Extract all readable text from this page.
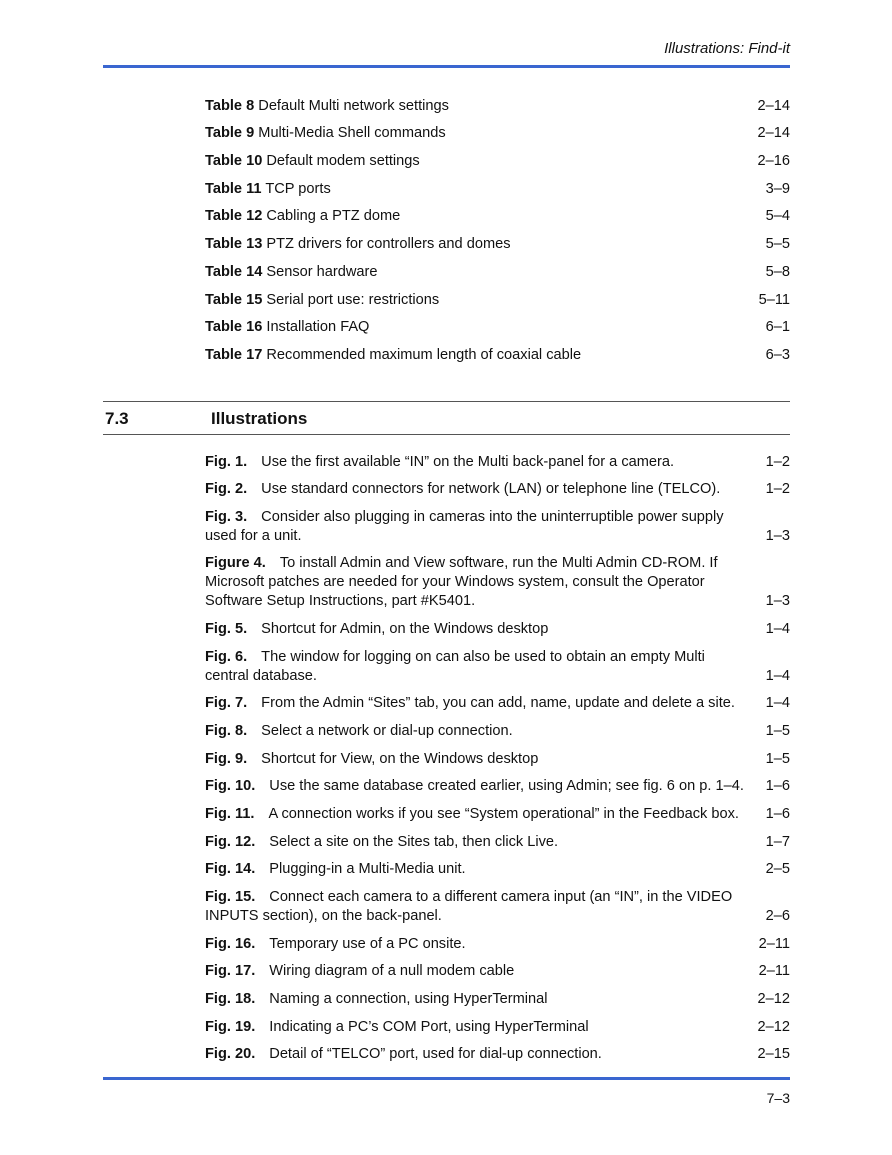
Illustrations: Find-it
Table 8 Default Multi network settings	2–14
Table 9 Multi-Media Shell commands	2–14
Table 10 Default modem settings	2–16
Table 11 TCP ports	3–9
Table 12 Cabling a PTZ dome	5–4
Table 13 PTZ drivers for controllers and domes	5–5
Table 14 Sensor hardware	5–8
Table 15 Serial port use: restrictions	5–11
Table 16 Installation FAQ	6–1
Table 17 Recommended maximum length of coaxial cable	6–3
7.3	Illustrations
Fig. 1. Use the first available “IN” on the Multi back-panel for a camera.	1–2
Fig. 2. Use standard connectors for network (LAN) or telephone line (TELCO).	1–2
Fig. 3. Consider also plugging in cameras into the uninterruptible power supply used for a unit.	1–3
Figure 4. To install Admin and View software, run the Multi Admin CD-ROM. If Microsoft patches are needed for your Windows system, consult the Operator Software Setup Instructions, part #K5401.	1–3
Fig. 5. Shortcut for Admin, on the Windows desktop	1–4
Fig. 6. The window for logging on can also be used to obtain an empty Multi central database.	1–4
Fig. 7. From the Admin “Sites” tab, you can add, name, update and delete a site.	1–4
Fig. 8. Select a network or dial-up connection.	1–5
Fig. 9. Shortcut for View, on the Windows desktop	1–5
Fig. 10. Use the same database created earlier, using Admin; see fig. 6 on p. 1–4.	1–6
Fig. 11. A connection works if you see “System operational” in the Feedback box.	1–6
Fig. 12. Select a site on the Sites tab, then click Live.	1–7
Fig. 14. Plugging-in a Multi-Media unit.	2–5
Fig. 15. Connect each camera to a different camera input (an “IN”, in the VIDEO INPUTS section), on the back-panel.	2–6
Fig. 16. Temporary use of a PC onsite.	2–11
Fig. 17. Wiring diagram of a null modem cable	2–11
Fig. 18. Naming a connection, using HyperTerminal	2–12
Fig. 19. Indicating a PC’s COM Port, using HyperTerminal	2–12
Fig. 20. Detail of “TELCO” port, used for dial-up connection.	2–15
7–3
